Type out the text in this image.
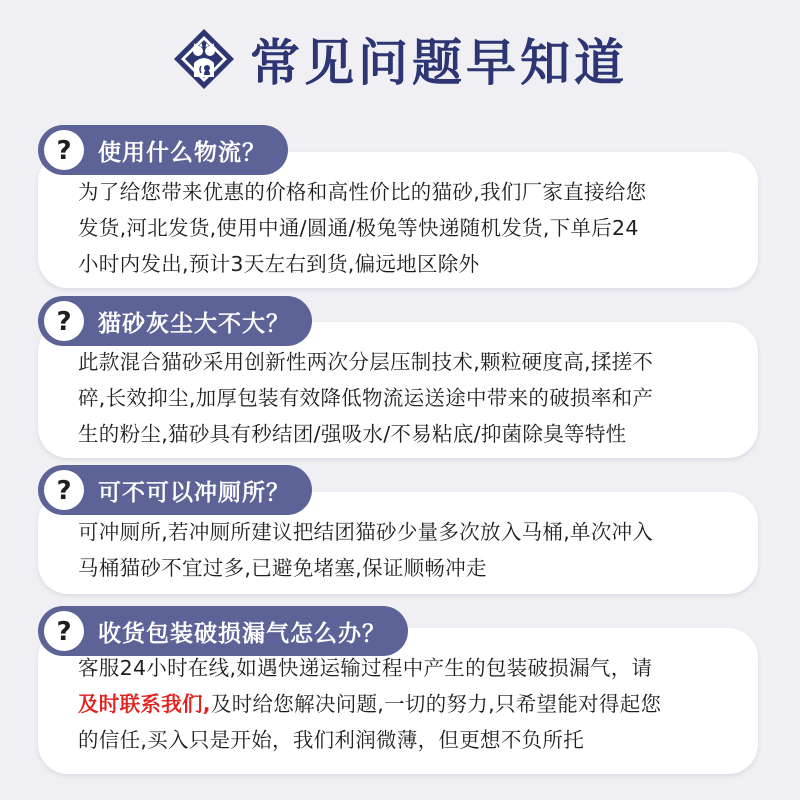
常见问题早知道
为了给您带来优惠的价格和高性价比的猫砂,我们厂家直接给您
发货,河北发货,使用中通/圆通/极兔等快递随机发货,下单后24
小时内发出,预计3天左右到货,偏远地区除外
? 使用什么物流？
此款混合猫砂采用创新性两次分层压制技术,颗粒硬度高,揉搓不
碎,长效抑尘,加厚包装有效降低物流运送途中带来的破损率和产
生的粉尘,猫砂具有秒结团/强吸水/不易粘底/抑菌除臭等特性
? 猫砂灰尘大不大？
可冲厕所,若冲厕所建议把结团猫砂少量多次放入马桶,单次冲入
马桶猫砂不宜过多,已避免堵塞,保证顺畅冲走
? 可不可以冲厕所？
客服24小时在线,如遇快递运输过程中产生的包装破损漏气，请
及时联系我们,及时给您解决问题,一切的努力,只希望能对得起您
的信任,买入只是开始，我们利润微薄，但更想不负所托
? 收货包装破损漏气怎么办？
